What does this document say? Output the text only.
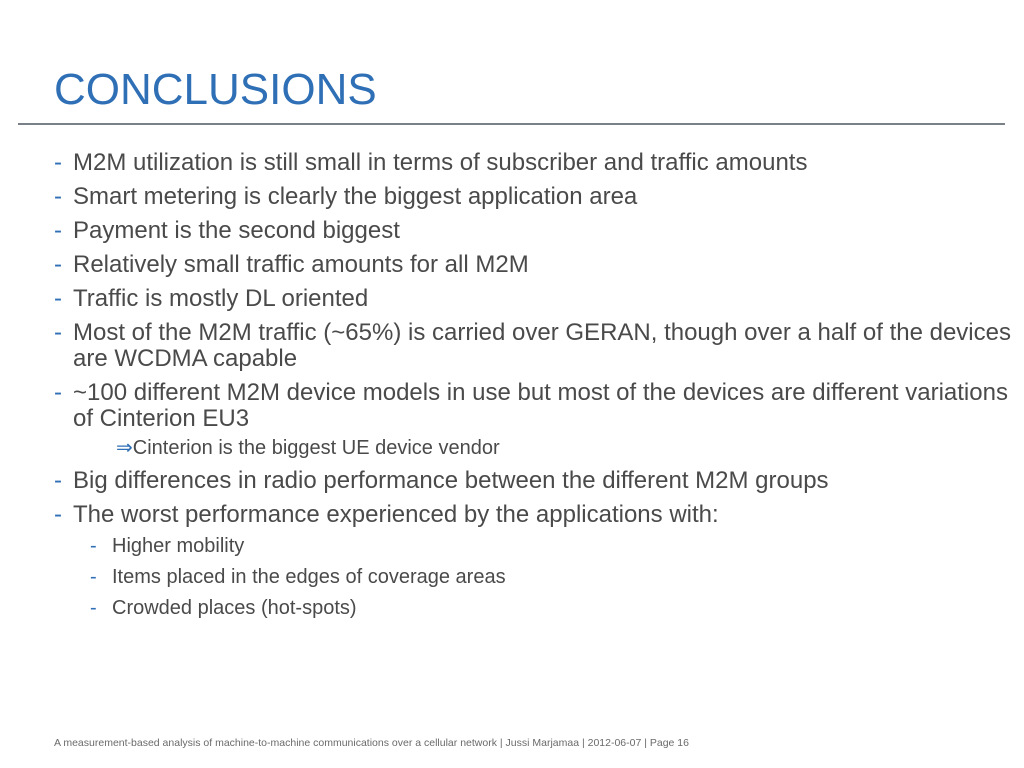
CONCLUSIONS
- M2M utilization is still small in terms of subscriber and traffic amounts
- Smart metering is clearly the biggest application area
- Payment is the second biggest
- Relatively small traffic amounts for all M2M
- Traffic is mostly DL oriented
- Most of the M2M traffic (~65%) is carried over GERAN, though over a half of the devices are WCDMA capable
- ~100 different M2M device models in use but most of the devices are different variations of Cinterion EU3
⇒Cinterion is the biggest UE device vendor
- Big differences in radio performance between the different M2M groups
- The worst performance experienced by the applications with:
- Higher mobility
- Items placed in the edges of coverage areas
- Crowded places (hot-spots)
A measurement-based analysis of machine-to-machine communications over a cellular network | Jussi Marjamaa | 2012-06-07 | Page 16
